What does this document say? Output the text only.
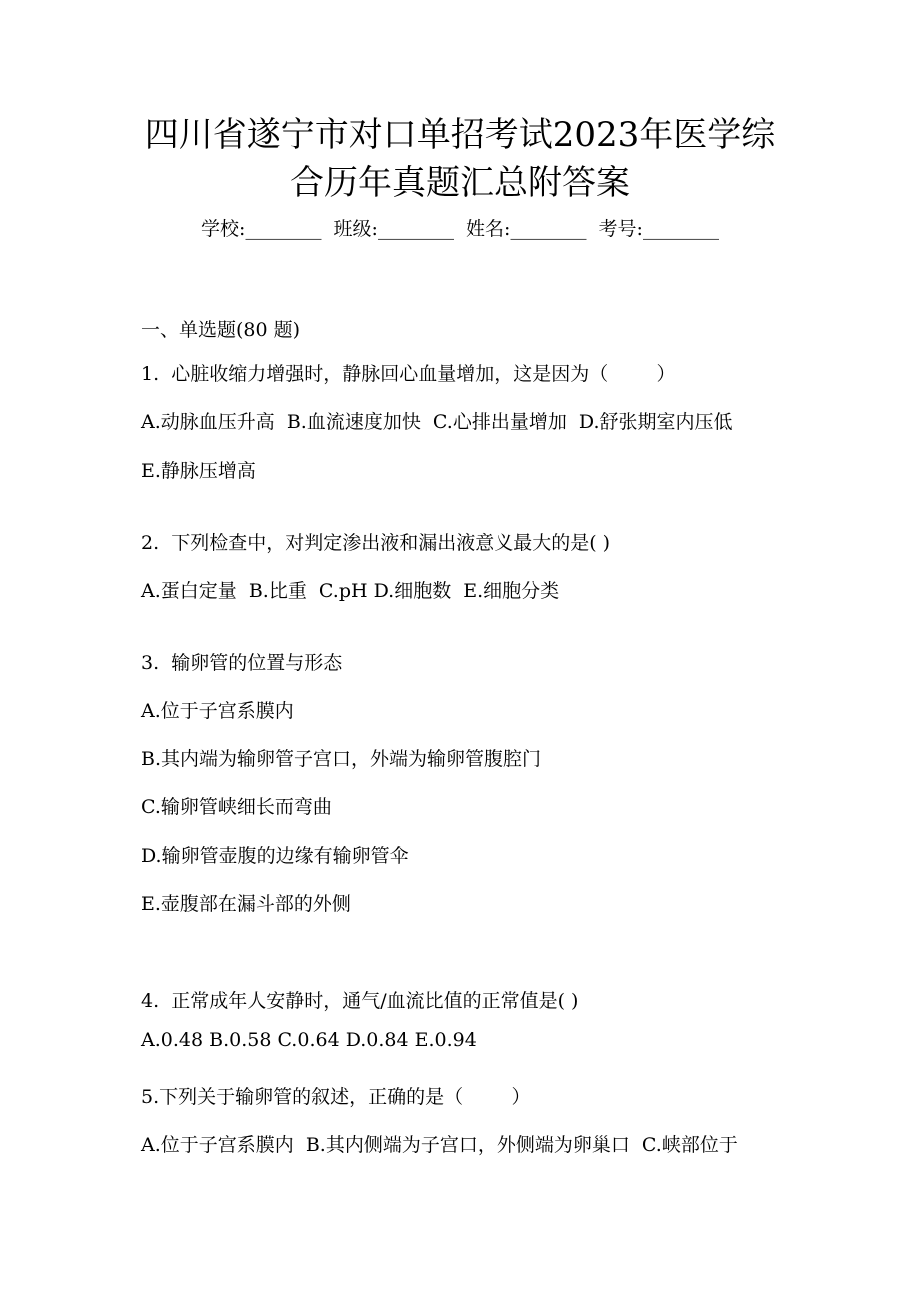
四川省遂宁市对口单招考试2023年医学综
合历年真题汇总附答案
学校:________ 班级:________ 姓名:________ 考号:________
一、单选题(80 题)
1.  心脏收缩力增强时，静脉回心血量增加，这是因为（        ）
A.动脉血压升高  B.血流速度加快  C.心排出量增加  D.舒张期室内压低
E.静脉压增高
2.  下列检查中，对判定渗出液和漏出液意义最大的是( )
A.蛋白定量  B.比重  C.pH D.细胞数  E.细胞分类
3.  输卵管的位置与形态
A.位于子宫系膜内
B.其内端为输卵管子宫口，外端为输卵管腹腔门
C.输卵管峡细长而弯曲
D.输卵管壶腹的边缘有输卵管伞
E.壶腹部在漏斗部的外侧
4.  正常成年人安静时，通气/血流比值的正常值是( )
A.0.48 B.0.58 C.0.64 D.0.84 E.0.94
5.下列关于输卵管的叙述，正确的是（        ）
A.位于子宫系膜内  B.其内侧端为子宫口，外侧端为卵巢口  C.峡部位于
